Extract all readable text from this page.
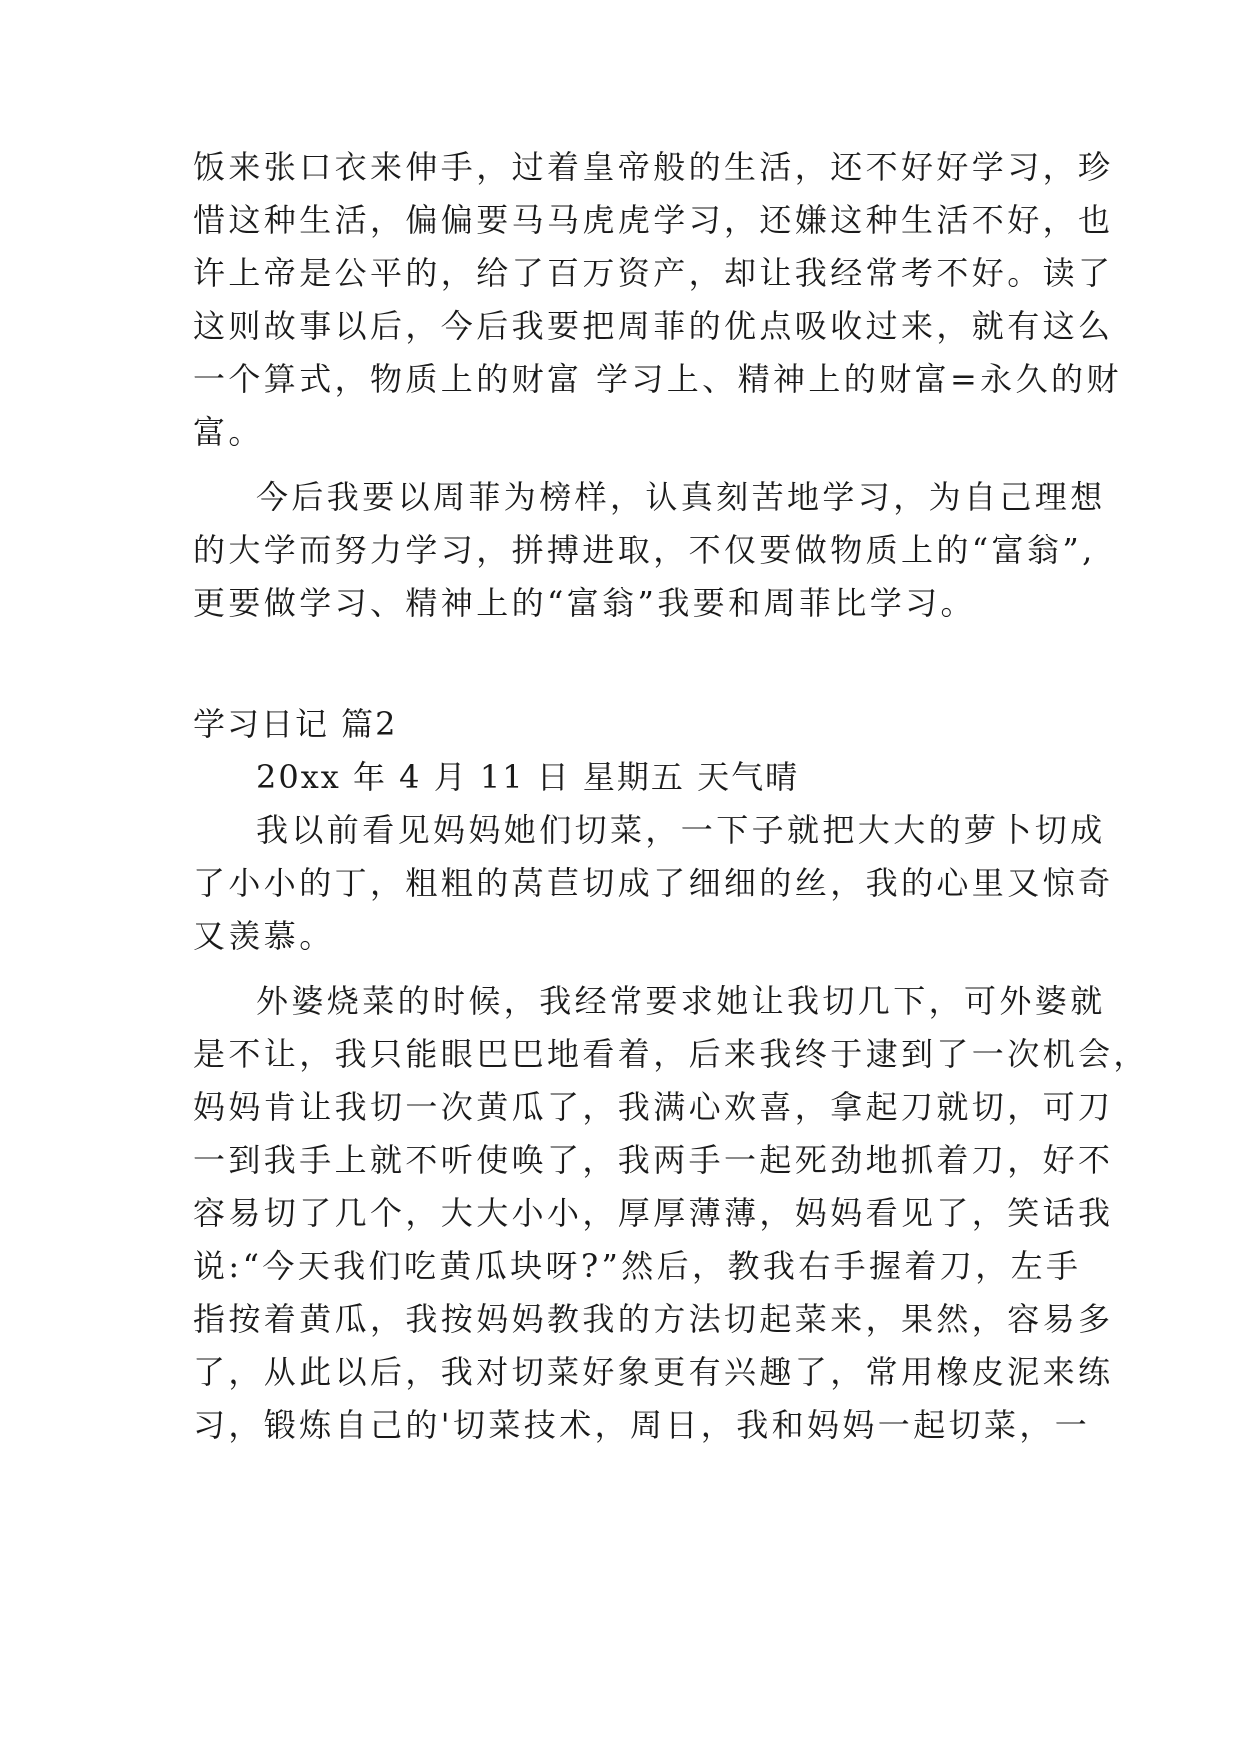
饭来张口衣来伸手，过着皇帝般的生活，还不好好学习，珍
惜这种生活，偏偏要马马虎虎学习，还嫌这种生活不好，也
许上帝是公平的，给了百万资产，却让我经常考不好。读了
这则故事以后，今后我要把周菲的优点吸收过来，就有这么
一个算式，物质上的财富 学习上、精神上的财富=永久的财
富。
今后我要以周菲为榜样，认真刻苦地学习，为自己理想
的大学而努力学习，拼搏进取，不仅要做物质上的“富翁”,
更要做学习、精神上的“富翁”我要和周菲比学习。
学习日记 篇2
20xx 年 4 月 11 日 星期五 天气晴
我以前看见妈妈她们切菜，一下子就把大大的萝卜切成
了小小的丁，粗粗的莴苣切成了细细的丝，我的心里又惊奇
又羡慕。
外婆烧菜的时候，我经常要求她让我切几下，可外婆就
是不让，我只能眼巴巴地看着，后来我终于逮到了一次机会，
妈妈肯让我切一次黄瓜了，我满心欢喜，拿起刀就切，可刀
一到我手上就不听使唤了，我两手一起死劲地抓着刀，好不
容易切了几个，大大小小，厚厚薄薄，妈妈看见了，笑话我
说:“今天我们吃黄瓜块呀?”然后，教我右手握着刀，左手
指按着黄瓜，我按妈妈教我的方法切起菜来，果然，容易多
了，从此以后，我对切菜好象更有兴趣了，常用橡皮泥来练
习，锻炼自己的'切菜技术，周日，我和妈妈一起切菜，一
